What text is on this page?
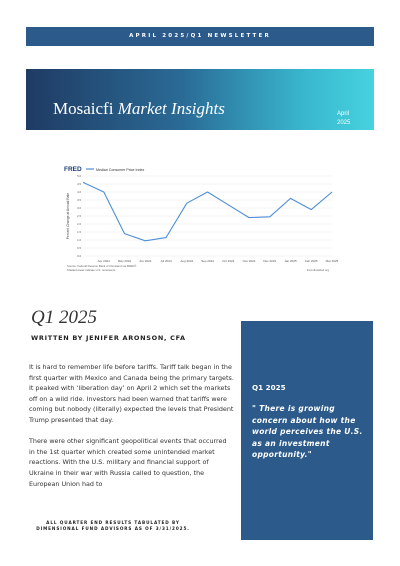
APRIL 2025/Q1 NEWSLETTER
Mosaicfi Market Insights	April
2025
FRED	Median Consumer Price Index
5.0
4.5
4.0
3.5
3.0
2.5
2.0
1.5
1.0
0.5
0.0
Percent Change at Annual Rate
Apr 2024	May 2024	Jun 2024	Jul 2024	Aug 2024	Sep 2024	Oct 2024	Nov 2024	Dec 2024	Jan 2025	Feb 2025	Mar 2025
Source: Federal Reserve Bank of Cleveland via FRED®
Shaded areas indicate U.S. recessions.	fred.stlouisfed.org
Q1 2025
WRITTEN BY JENIFER ARONSON, CFA

It is hard to remember life before tariffs. Tariff talk began in the first quarter with Mexico and Canada being the primary targets. It peaked with ‘liberation day’ on April 2 which set the markets off on a wild ride. Investors had been warned that tariffs were coming but nobody (literally) expected the levels that President Trump presented that day.

There were other significant geopolitical events that occurred in the 1st quarter which created some unintended market reactions. With the U.S. military and financial support of Ukraine in their war with Russia called to question, the European Union had to

ALL QUARTER END RESULTS TABULATED BY DIMENSIONAL FUND ADVISORS AS OF 3/31/2025.
Q1 2025
" There is growing concern about how the world perceives the U.S. as an investment opportunity."
